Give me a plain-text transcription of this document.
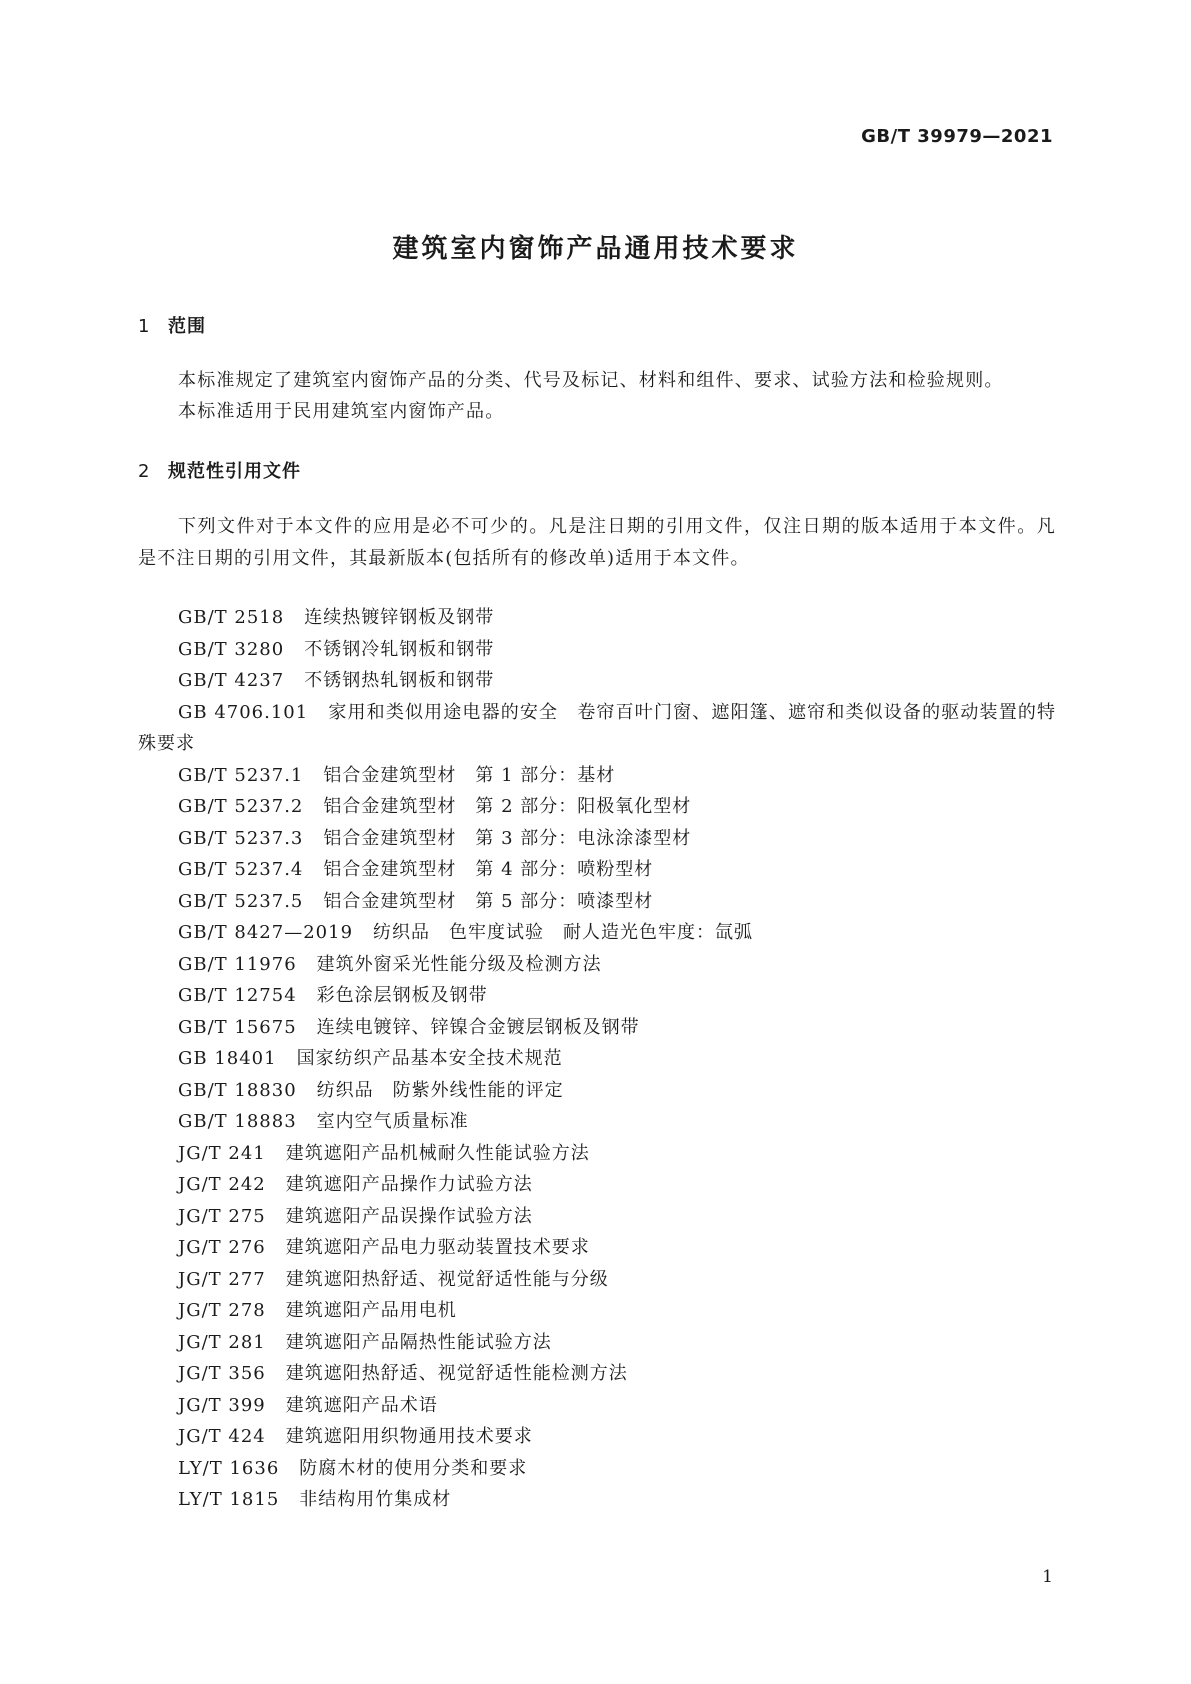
GB/T 39979—2021
建筑室内窗饰产品通用技术要求
1 范围

本标准规定了建筑室内窗饰产品的分类、代号及标记、材料和组件、要求、试验方法和检验规则。

本标准适用于民用建筑室内窗饰产品。

2 规范性引用文件

下列文件对于本文件的应用是必不可少的。凡是注日期的引用文件，仅注日期的版本适用于本文件。凡是不注日期的引用文件，其最新版本(包括所有的修改单)适用于本文件。

GB/T 2518 连续热镀锌钢板及钢带
GB/T 3280 不锈钢冷轧钢板和钢带
GB/T 4237 不锈钢热轧钢板和钢带
GB 4706.101 家用和类似用途电器的安全　卷帘百叶门窗、遮阳篷、遮帘和类似设备的驱动装置的特殊要求
GB/T 5237.1 铝合金建筑型材　第 1 部分：基材
GB/T 5237.2 铝合金建筑型材　第 2 部分：阳极氧化型材
GB/T 5237.3 铝合金建筑型材　第 3 部分：电泳涂漆型材
GB/T 5237.4 铝合金建筑型材　第 4 部分：喷粉型材
GB/T 5237.5 铝合金建筑型材　第 5 部分：喷漆型材
GB/T 8427—2019 纺织品　色牢度试验　耐人造光色牢度：氙弧
GB/T 11976 建筑外窗采光性能分级及检测方法
GB/T 12754 彩色涂层钢板及钢带
GB/T 15675 连续电镀锌、锌镍合金镀层钢板及钢带
GB 18401 国家纺织产品基本安全技术规范
GB/T 18830 纺织品　防紫外线性能的评定
GB/T 18883 室内空气质量标准
JG/T 241 建筑遮阳产品机械耐久性能试验方法
JG/T 242 建筑遮阳产品操作力试验方法
JG/T 275 建筑遮阳产品误操作试验方法
JG/T 276 建筑遮阳产品电力驱动装置技术要求
JG/T 277 建筑遮阳热舒适、视觉舒适性能与分级
JG/T 278 建筑遮阳产品用电机
JG/T 281 建筑遮阳产品隔热性能试验方法
JG/T 356 建筑遮阳热舒适、视觉舒适性能检测方法
JG/T 399 建筑遮阳产品术语
JG/T 424 建筑遮阳用织物通用技术要求
LY/T 1636 防腐木材的使用分类和要求
LY/T 1815 非结构用竹集成材
1
